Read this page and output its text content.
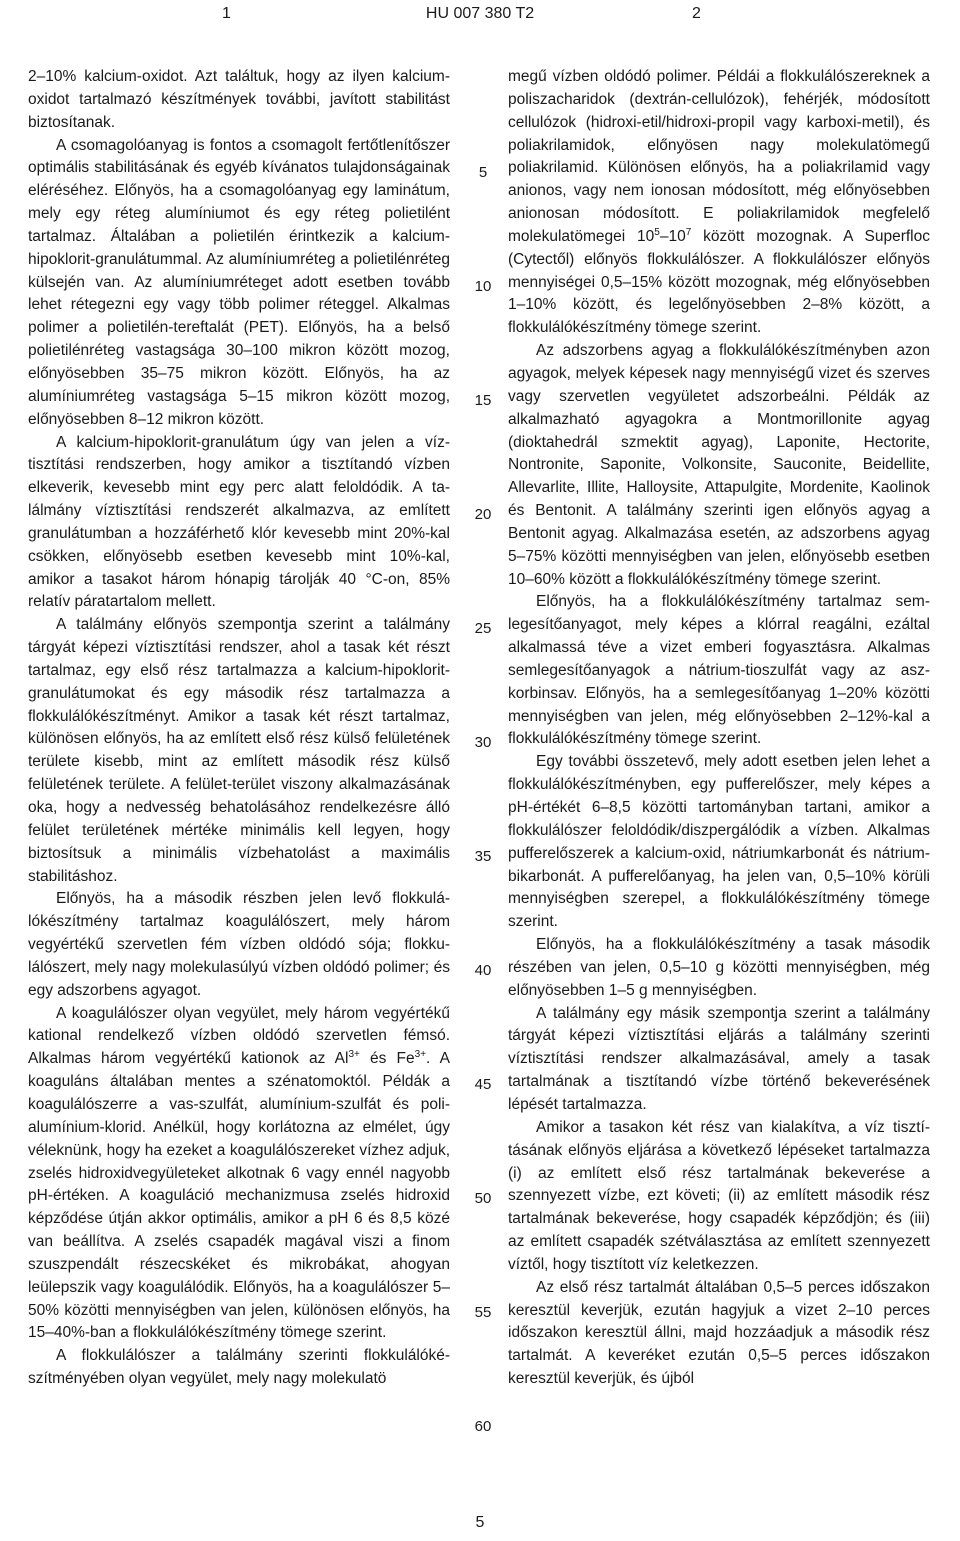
1	HU 007 380 T2	2

2–10% kalcium-oxidot. Azt találtuk, hogy az ilyen kalcium-oxidot tartalmazó készítmények további, javított stabilitást biztosítanak.

A csomagolóanyag is fontos a csomagolt fertőtlenítőszer optimális stabilitásának és egyéb kívánatos tulajdonságainak eléréséhez. Előnyös, ha a csomagolóanyag egy laminátum, mely egy réteg alumíniumot és egy réteg polietilént tartalmaz. Általában a polietilén érintkezik a kalcium-hipoklorit-granulátummal. Az alumíniumréteg a polietilénréteg külsején van. Az alumíniumréteget adott esetben tovább lehet rétegezni egy vagy több polimer réteggel. Alkalmas polimer a polietilén-tereftalát (PET). Előnyös, ha a belső polietilénréteg vastagsága 30–100 mikron között mozog, előnyösebben 35–75 mikron között. Előnyös, ha az alumíniumréteg vastagsága 5–15 mikron között mozog, előnyösebben 8–12 mikron között.

A kalcium-hipoklorit-granulátum úgy van jelen a víztisztítási rendszerben, hogy amikor a tisztítandó vízben elkeverik, kevesebb mint egy perc alatt feloldódik. A találmány víztisztítási rendszerét alkalmazva, az említett granulátumban a hozzáférhető klór kevesebb mint 20%-kal csökken, előnyösebb esetben kevesebb mint 10%-kal, amikor a tasakot három hónapig tárolják 40 °C-on, 85% relatív páratartalom mellett.

A találmány előnyös szempontja szerint a találmány tárgyát képezi víztisztítási rendszer, ahol a tasak két részt tartalmaz, egy első rész tartalmazza a kalcium-hipoklorit-granulátumokat és egy második rész tartalmazza a flokkulálókészítményt. Amikor a tasak két részt tartalmaz, különösen előnyös, ha az említett első rész külső felületének területe kisebb, mint az említett második rész külső felületének területe. A felület-terület viszony alkalmazásának oka, hogy a nedvesség behatolásához rendelkezésre álló felület területének mértéke minimális kell legyen, hogy biztosítsuk a minimális vízbehatolást a maximális stabilitáshoz.

Előnyös, ha a második részben jelen levő flokkulálókészítmény tartalmaz koagulálószert, mely három vegyértékű szervetlen fém vízben oldódó sója; flokkulálószert, mely nagy molekulasúlyú vízben oldódó polimer; és egy adszorbens agyagot.

A koagulálószer olyan vegyület, mely három vegyértékű kational rendelkező vízben oldódó szervetlen fémsó. Alkalmas három vegyértékű kationok az $Al^{3+}$ és $Fe^{3+}$. A koaguláns általában mentes a szénatomoktól. Példák a koagulálószerre a vas-szulfát, alumínium-szulfát és poli-alumínium-klorid. Anélkül, hogy korlátozna az elmélet, úgy véleknünk, hogy ha ezeket a koagulálószereket vízhez adjuk, zselés hidroxidvegyületeket alkotnak 6 vagy ennél nagyobb pH-értéken. A koaguláció mechanizmusa zselés hidroxid képződése útján akkor optimális, amikor a pH 6 és 8,5 közé van beállítva. A zselés csapadék magával viszi a finom szuszpendált részecskéket és mikrobákat, ahogyan leülepszik vagy koagulálódik. Előnyös, ha a koagulálószer 5–50% közötti mennyiségben van jelen, különösen előnyös, ha 15–40%-ban a flokkulálókészítmény tömege szerint.

A flokkulálószer a találmány szerinti flokkulálókészítményében olyan vegyület, mely nagy molekulatö

5
10
15
20
25
30
35
40
45
50
55
60

megű vízben oldódó polimer. Példái a flokkulálószereknek a poliszacharidok (dextrán-cellulózok), fehérjék, módosított cellulózok (hidroxi-etil/hidroxi-propil vagy karboxi-metil), és poliakrilamidok, előnyösen nagy molekulatömegű poliakrilamid. Különösen előnyös, ha a poliakrilamid vagy anionos, vagy nem ionosan módosított, még előnyösebben anionosan módosított. E poliakrilamidok megfelelő molekulatömegei $10^5-10^7$ között mozognak. A Superfloc (Cytectől) előnyös flokkulálόszer. A flokkulálószer előnyös mennyiségei 0,5–15% között mozognak, még előnyösebben 1–10% között, és legelőnyösebben 2–8% között, a flokkulálókészítmény tömege szerint.

Az adszorbens agyag a flokkulálókészítményben azon agyagok, melyek képesek nagy mennyiségű vizet és szerves vagy szervetlen vegyületet adszorbeálni. Példák az alkalmazható agyagokra a Montmorillonite agyag (dioktahedrál szmektit agyag), Laponite, Hectorite, Nontronite, Saponite, Volkonsite, Sauconite, Beidellite, Allevarlite, Illite, Halloysite, Attapulgite, Mordenite, Kaolinok és Bentonit. A találmány szerinti igen előnyös agyag a Bentonit agyag. Alkalmazása esetén, az adszorbens agyag 5–75% közötti mennyiségben van jelen, előnyösebb esetben 10–60% között a flokkulálókészítmény tömege szerint.

Előnyös, ha a flokkulálókészítmény tartalmaz semlegesítőanyagot, mely képes a klórral reagálni, ezáltal alkalmassá téve a vizet emberi fogyasztásra. Alkalmas semlegesítőanyagok a nátrium-tioszulfát vagy az aszkorbinsav. Előnyös, ha a semlegesítőanyag 1–20% közötti mennyiségben van jelen, még előnyösebben 2–12%-kal a flokkulálókészítmény tömege szerint.

Egy további összetevő, mely adott esetben jelen lehet a flokkulálókészítményben, egy pufferelőszer, mely képes a pH-értékét 6–8,5 közötti tartományban tartani, amikor a flokkulálószer feloldódik/diszpergálódik a vízben. Alkalmas pufferelőszerek a kalcium-oxid, nátriumkarbonát és nátrium-bikarbonát. A pufferelőanyag, ha jelen van, 0,5–10% körüli mennyiségben szerepel, a flokkulálókészítmény tömege szerint.

Előnyös, ha a flokkulálókészítmény a tasak második részében van jelen, 0,5–10 g közötti mennyiségben, még előnyösebben 1–5 g mennyiségben.

A találmány egy másik szempontja szerint a találmány tárgyát képezi víztisztítási eljárás a találmány szerinti víztisztítási rendszer alkalmazásával, amely a tasak tartalmának a tisztítandó vízbe történő bekeverésének lépését tartalmazza.

Amikor a tasakon két rész van kialakítva, a víz tisztításának előnyös eljárása a következő lépéseket tartalmazza (i) az említett első rész tartalmának bekeverése a szennyezett vízbe, ezt követi; (ii) az említett második rész tartalmának bekeverése, hogy csapadék képződjön; és (iii) az említett csapadék szétválasztása az említett szennyezett víztől, hogy tisztított víz keletkezzen.

Az első rész tartalmát általában 0,5–5 perces időszakon keresztül keverjük, ezután hagyjuk a vizet 2–10 perces időszakon keresztül állni, majd hozzáadjuk a második rész tartalmát. A keveréket ezután 0,5–5 perces időszakon keresztül keverjük, és újból

5
